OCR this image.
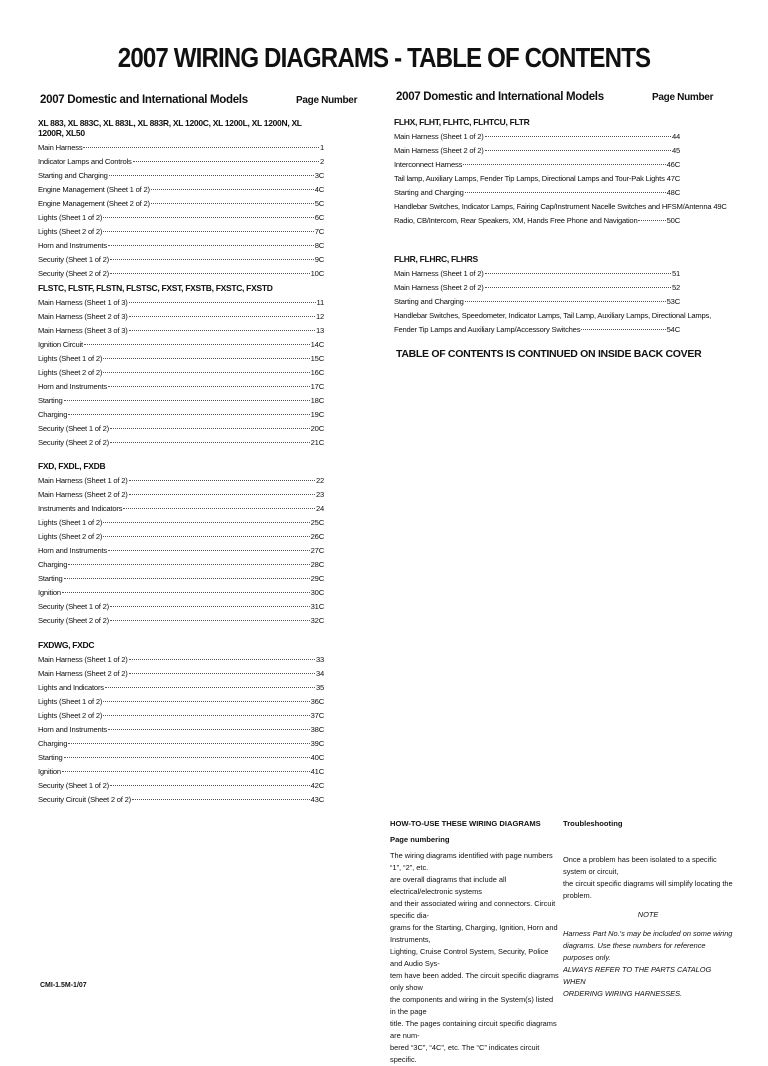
2007 WIRING DIAGRAMS - TABLE OF CONTENTS
2007 Domestic and International Models	Page Number	2007 Domestic and International Models	Page Number
XL 883, XL 883C, XL 883L, XL 883R, XL 1200C, XL 1200L, XL 1200N, XL 1200R, XL50
Main Harness	1
Indicator Lamps and Controls	2
Starting and Charging	3C
Engine Management (Sheet 1 of 2)	4C
Engine Management (Sheet 2 of 2)	5C
Lights (Sheet 1 of 2)	6C
Lights (Sheet 2 of 2)	7C
Horn and Instruments	8C
Security (Sheet 1 of 2)	9C
Security (Sheet 2 of 2)	10C
FLSTC, FLSTF, FLSTN, FLSTSC, FXST, FXSTB, FXSTC, FXSTD
Main Harness (Sheet 1 of 3)	11
Main Harness (Sheet 2 of 3)	12
Main Harness (Sheet 3 of 3)	13
Ignition Circuit	14C
Lights (Sheet 1 of 2)	15C
Lights (Sheet 2 of 2)	16C
Horn and Instruments	17C
Starting	18C
Charging	19C
Security (Sheet 1 of 2)	20C
Security (Sheet 2 of 2)	21C
FXD, FXDL, FXDB
Main Harness (Sheet 1 of 2)	22
Main Harness (Sheet 2 of 2)	23
Instruments and Indicators	24
Lights (Sheet 1 of 2)	25C
Lights (Sheet 2 of 2)	26C
Horn and Instruments	27C
Charging	28C
Starting	29C
Ignition	30C
Security (Sheet 1 of 2)	31C
Security (Sheet 2 of 2)	32C
FXDWG, FXDC
Main Harness (Sheet 1 of 2)	33
Main Harness (Sheet 2 of 2)	34
Lights and Indicators	35
Lights (Sheet 1 of 2)	36C
Lights (Sheet 2 of 2)	37C
Horn and Instruments	38C
Charging	39C
Starting	40C
Ignition	41C
Security (Sheet 1 of 2)	42C
Security Circuit (Sheet 2 of 2)	43C
FLHX, FLHT, FLHTC, FLHTCU, FLTR
Main Harness (Sheet 1 of 2)	44
Main Harness (Sheet 2 of 2)	45
Interconnect Harness	46C
Tail lamp, Auxiliary Lamps, Fender Tip Lamps, Directional Lamps and Tour-Pak Lights 47C
Starting and Charging	48C
Handlebar Switches, Indicator Lamps, Fairing Cap/Instrument Nacelle Switches and HFSM/Antenna 49C
Radio, CB/Intercom, Rear Speakers, XM, Hands Free Phone and Navigation	50C
FLHR, FLHRC, FLHRS
Main Harness (Sheet 1 of 2)	51
Main Harness (Sheet 2 of 2)	52
Starting and Charging	53C
Handlebar Switches, Speedometer, Indicator Lamps, Tail Lamp, Auxiliary Lamps, Directional Lamps,
Fender Tip Lamps and Auxiliary Lamp/Accessory Switches	54C
TABLE OF CONTENTS IS CONTINUED ON INSIDE BACK COVER
HOW-TO-USE THESE WIRING DIAGRAMS
Page numbering
The wiring diagrams identified with page numbers “1”, “2”, etc.
are overall diagrams that include all electrical/electronic systems
and their associated wiring and connectors. Circuit specific dia-
grams for the Starting, Charging, Ignition, Horn and Instruments,
Lighting, Cruise Control System, Security, Police and Audio Sys-
tem have been added. The circuit specific diagrams only show
the components and wiring in the System(s) listed in the page
title. The pages containing circuit specific diagrams are num-
bered “3C”, “4C”, etc. The “C” indicates circuit specific.
Troubleshooting
Once a problem has been isolated to a specific system or circuit,
the circuit specific diagrams will simplify locating the problem.
NOTE
Harness Part No.'s may be included on some wiring
diagrams. Use these numbers for reference purposes only.
ALWAYS REFER TO THE PARTS CATALOG WHEN
ORDERING WIRING HARNESSES.
CMI-1.5M-1/07
